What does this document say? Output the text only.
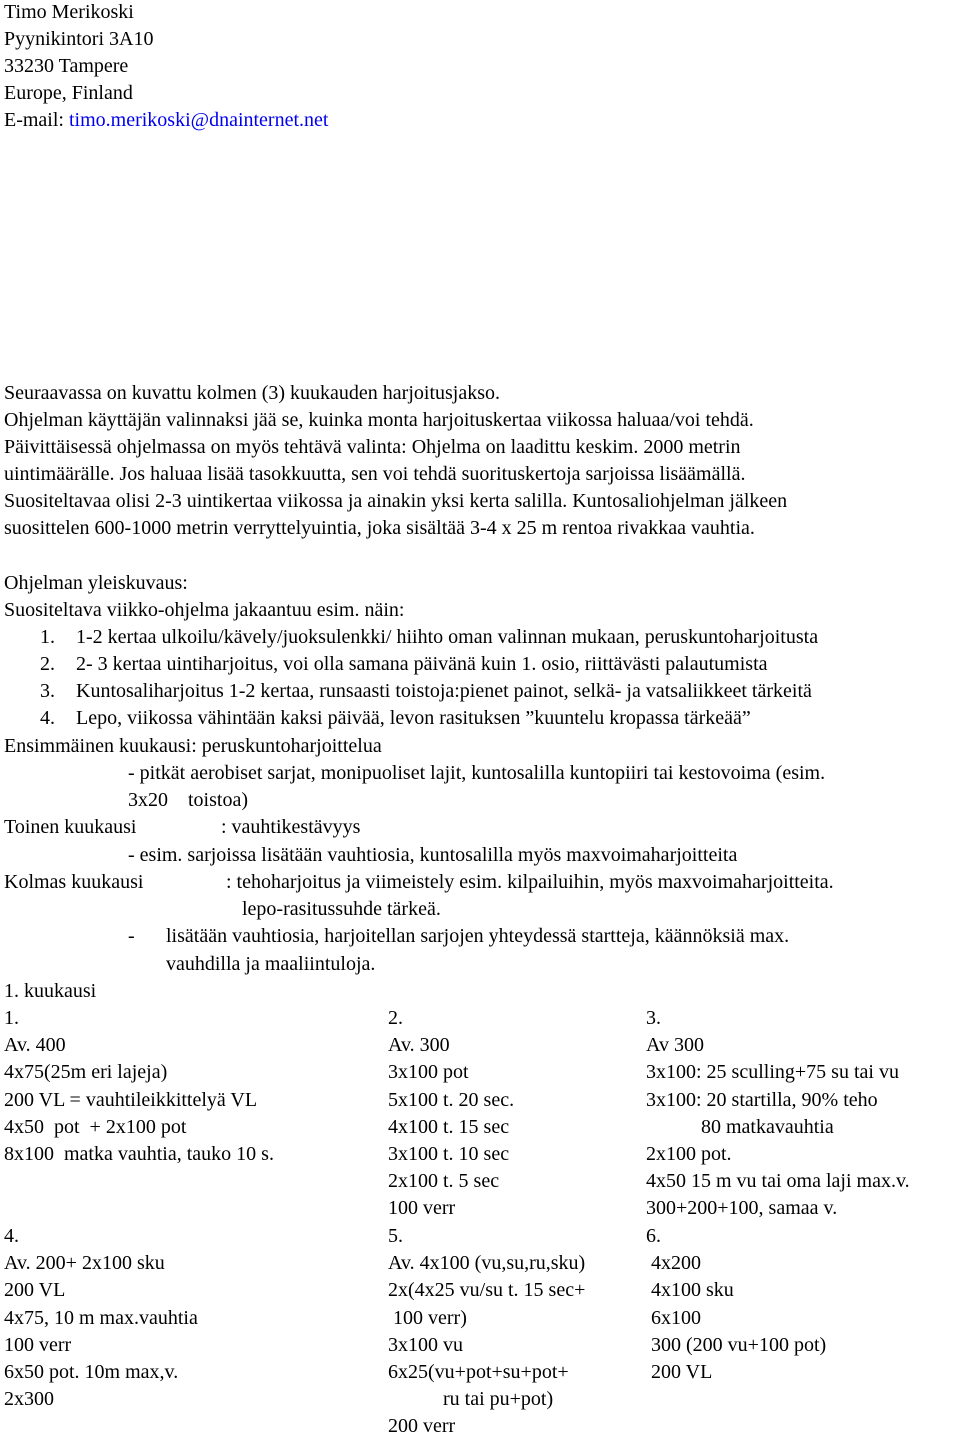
Timo Merikoski
Pyynikintori 3A10
33230 Tampere
Europe, Finland
E-mail: timo.merikoski@dnainternet.net
Seuraavassa on kuvattu kolmen (3) kuukauden harjoitusjakso.
Ohjelman käyttäjän valinnaksi jää se, kuinka monta harjoituskertaa viikossa haluaa/voi tehdä.
Päivittäisessä ohjelmassa on myös tehtävä valinta: Ohjelma on laadittu keskim. 2000 metrin
uintimäärälle. Jos haluaa lisää tasokkuutta, sen voi tehdä suorituskertoja sarjoissa lisäämällä.
Suositeltavaa olisi 2-3 uintikertaa viikossa ja ainakin yksi kerta salilla. Kuntosaliohjelman jälkeen
suosittelen 600-1000 metrin verryttelyuintia, joka sisältää 3-4 x 25 m rentoa rivakkaa vauhtia.
Ohjelman yleiskuvaus:
Suositeltava viikko-ohjelma jakaantuu esim. näin:
1. 1-2 kertaa ulkoilu/kävely/juoksulenkki/ hiihto oman valinnan mukaan, peruskuntoharjoitusta
2. 2- 3 kertaa uintiharjoitus, voi olla samana päivänä kuin 1. osio, riittävästi palautumista
3. Kuntosaliharjoitus 1-2 kertaa, runsaasti toistoja:pienet painot, selkä- ja vatsaliikkeet tärkeitä
4. Lepo, viikossa vähintään kaksi päivää, levon rasituksen ”kuuntelu kropassa tärkeää”
Ensimmäinen kuukausi: peruskuntoharjoittelua
- pitkät aerobiset sarjat, monipuoliset lajit, kuntosalilla kuntopiiri tai kestovoima (esim.
3x20    toistoa)
Toinen kuukausi	: vauhtikestävyys
- esim. sarjoissa lisätään vauhtiosia, kuntosalilla myös maxvoimaharjoitteita
Kolmas kuukausi	: tehoharjoitus ja viimeistely esim. kilpailuihin, myös maxvoimaharjoitteita.
lepo-rasitussuhde tärkeä.
- lisätään vauhtiosia, harjoitellan sarjojen yhteydessä startteja, käännöksiä max.
vauhdilla ja maaliintuloja.
1. kuukausi
1.
Av. 400
4x75(25m eri lajeja)
200 VL = vauhtileikkittelyä VL
4x50  pot  + 2x100 pot
8x100  matka vauhtia, tauko 10 s.
2.
Av. 300
3x100 pot
5x100 t. 20 sec.
4x100 t. 15 sec
3x100 t. 10 sec
2x100 t. 5 sec
100 verr
3.
Av 300
3x100: 25 sculling+75 su tai vu
3x100: 20 startilla, 90% teho
80 matkavauhtia
2x100 pot.
4x50 15 m vu tai oma laji max.v.
300+200+100, samaa v.
4.
Av. 200+ 2x100 sku
200 VL
4x75, 10 m max.vauhtia
100 verr
6x50 pot. 10m max,v.
2x300
5.
Av. 4x100 (vu,su,ru,sku)
2x(4x25 vu/su t. 15 sec+
100 verr)
3x100 vu
6x25(vu+pot+su+pot+
ru tai pu+pot)
200 verr
6.
4x200
4x100 sku
6x100
300 (200 vu+100 pot)
200 VL
